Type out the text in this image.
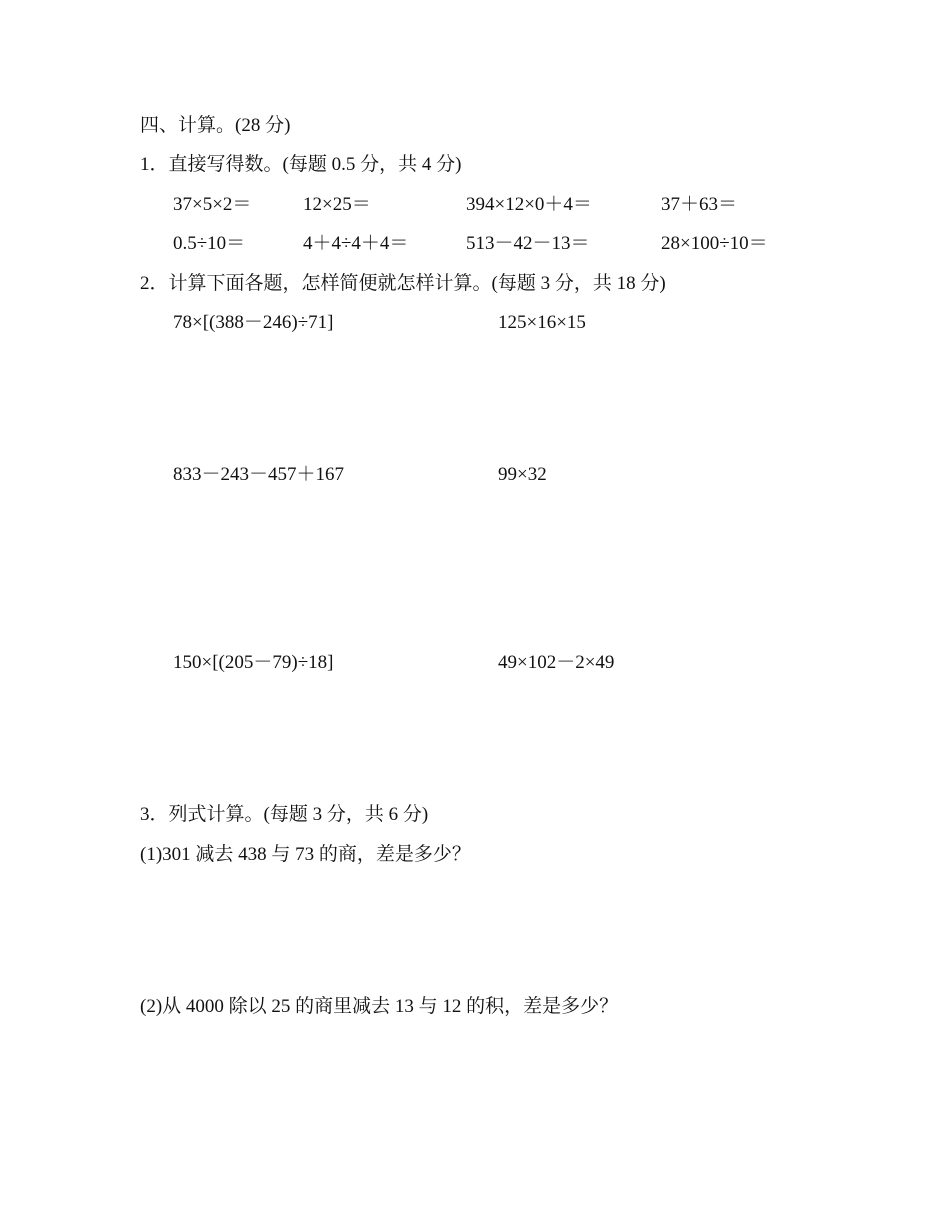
四、计算。(28 分)
1．直接写得数。(每题 0.5 分，共 4 分)
37×5×2＝	12×25＝	394×12×0＋4＝	37＋63＝
0.5÷10＝	4＋4÷4＋4＝	513－42－13＝	28×100÷10＝
2．计算下面各题，怎样简便就怎样计算。(每题 3 分，共 18 分)
78×[(388－246)÷71]	125×16×15
833－243－457＋167	99×32
150×[(205－79)÷18]	49×102－2×49
3．列式计算。(每题 3 分，共 6 分)
(1)301 减去 438 与 73 的商，差是多少？
(2)从 4000 除以 25 的商里减去 13 与 12 的积，差是多少？
